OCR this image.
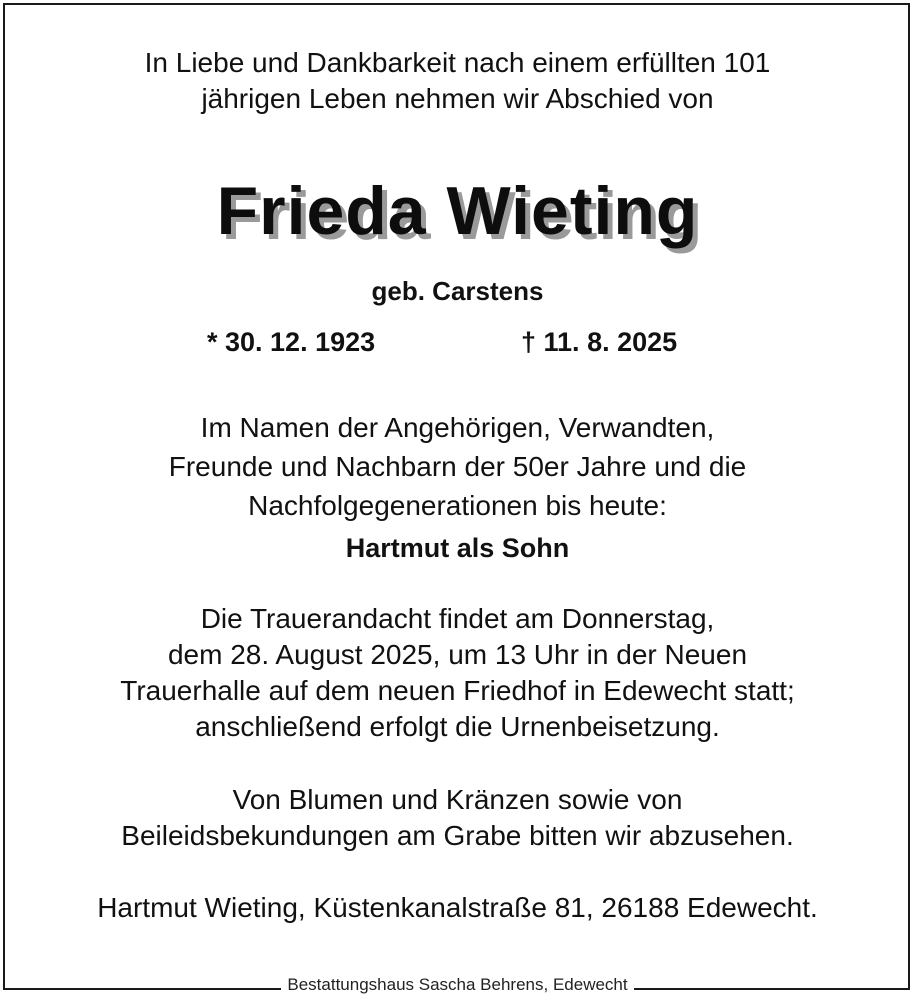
In Liebe und Dankbarkeit nach einem erfüllten 101
jährigen Leben nehmen wir Abschied von
Frieda Wieting
geb. Carstens
* 30. 12. 1923	† 11. 8. 2025
Im Namen der Angehörigen, Verwandten,
Freunde und Nachbarn der 50er Jahre und die
Nachfolgegenerationen bis heute:
Hartmut als Sohn
Die Trauerandacht findet am Donnerstag,
dem 28. August 2025, um 13 Uhr in der Neuen
Trauerhalle auf dem neuen Friedhof in Edewecht statt;
anschließend erfolgt die Urnenbeisetzung.
Von Blumen und Kränzen sowie von
Beileidsbekundungen am Grabe bitten wir abzusehen.
Hartmut Wieting, Küstenkanalstraße 81, 26188 Edewecht.
Bestattungshaus Sascha Behrens, Edewecht
